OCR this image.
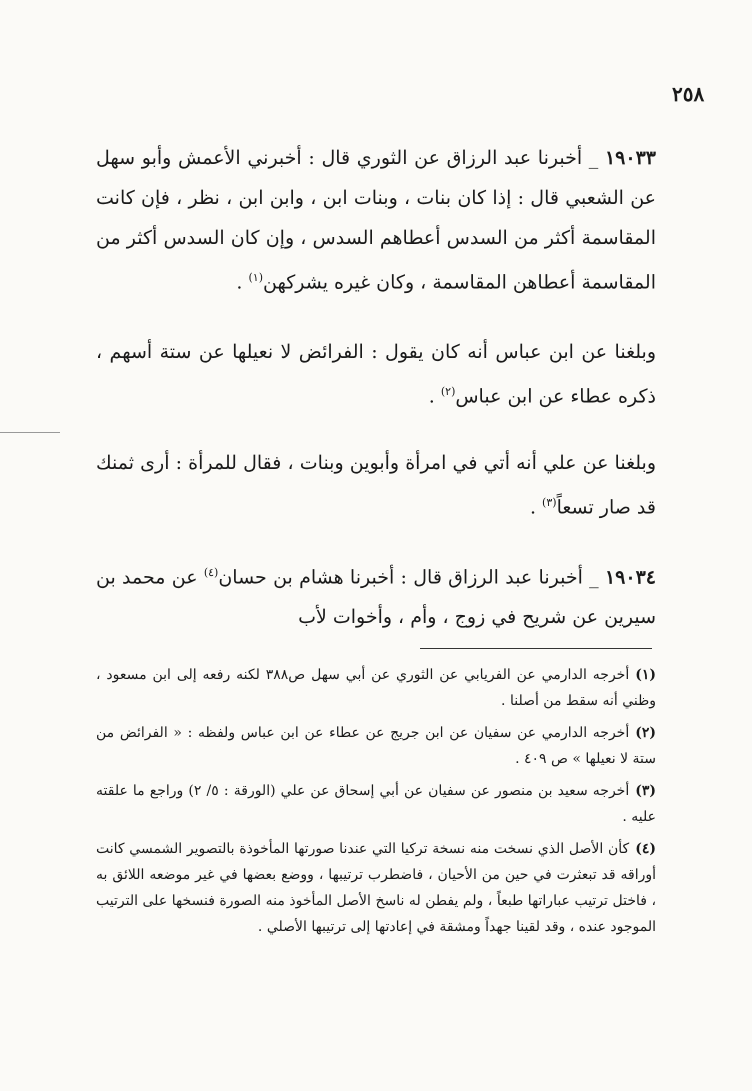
٢٥٨

١٩٠٣٣ _ أخبرنا عبد الرزاق عن الثوري قال : أخبرني الأعمش وأبو سهل عن الشعبي قال : إذا كان بنات ، وبنات ابن ، وابن ابن ، نظر ، فإن كانت المقاسمة أكثر من السدس أعطاهم السدس ، وإن كان السدس أكثر من المقاسمة أعطاهن المقاسمة ، وكان غيره يشركهن$^{(١)}$ .

وبلغنا عن ابن عباس أنه كان يقول : الفرائض لا نعيلها عن ستة أسهم ، ذكره عطاء عن ابن عباس$^{(٢)}$ .

وبلغنا عن علي أنه أتي في امرأة وأبوين وبنات ، فقال للمرأة : أرى ثمنك قد صار تسعاً$^{(٣)}$ .

١٩٠٣٤ _ أخبرنا عبد الرزاق قال : أخبرنا هشام بن حسان$^{(٤)}$ عن محمد بن سيرين عن شريح في زوج ، وأم ، وأخوات لأب

(١)أخرجه الدارمي عن الفريابي عن الثوري عن أبي سهل ص٣٨٨ لكنه رفعه إلى ابن مسعود ، وظني أنه سقط من أصلنا .

(٢)أخرجه الدارمي عن سفيان عن ابن جريج عن عطاء عن ابن عباس ولفظه : « الفرائض من ستة لا نعيلها » ص ٤٠٩ .

(٣)أخرجه سعيد بن منصور عن سفيان عن أبي إسحاق عن علي (الورقة : ٥/ ٢) وراجع ما علقته عليه .

(٤)كأن الأصل الذي نسخت منه نسخة تركيا التي عندنا صورتها المأخوذة بالتصوير الشمسي كانت أوراقه قد تبعثرت في حين من الأحيان ، فاضطرب ترتيبها ، ووضع بعضها في غير موضعه اللائق به ، فاختل ترتيب عباراتها طبعاً ، ولم يفطن له ناسخ الأصل المأخوذ منه الصورة فنسخها على الترتيب الموجود عنده ، وقد لقينا جهداً ومشقة في إعادتها إلى ترتيبها الأصلي .
